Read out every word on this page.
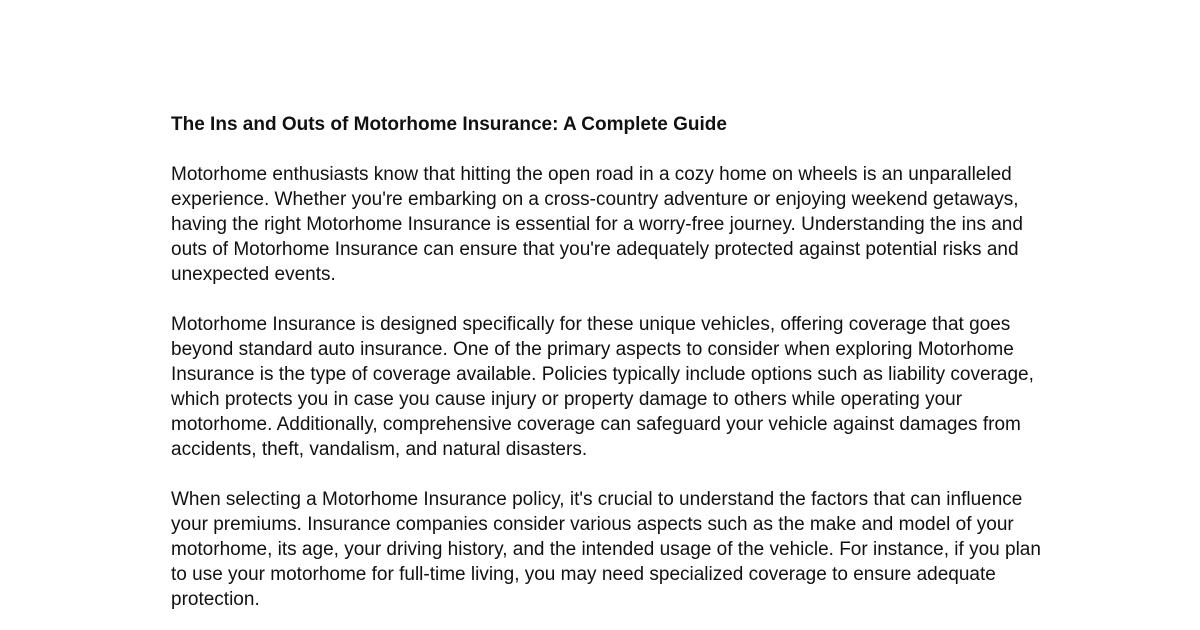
The Ins and Outs of Motorhome Insurance: A Complete Guide

Motorhome enthusiasts know that hitting the open road in a cozy home on wheels is an unparalleled
experience. Whether you're embarking on a cross-country adventure or enjoying weekend getaways,
having the right Motorhome Insurance is essential for a worry-free journey. Understanding the ins and
outs of Motorhome Insurance can ensure that you're adequately protected against potential risks and
unexpected events.

Motorhome Insurance is designed specifically for these unique vehicles, offering coverage that goes
beyond standard auto insurance. One of the primary aspects to consider when exploring Motorhome
Insurance is the type of coverage available. Policies typically include options such as liability coverage,
which protects you in case you cause injury or property damage to others while operating your
motorhome. Additionally, comprehensive coverage can safeguard your vehicle against damages from
accidents, theft, vandalism, and natural disasters.

When selecting a Motorhome Insurance policy, it's crucial to understand the factors that can influence
your premiums. Insurance companies consider various aspects such as the make and model of your
motorhome, its age, your driving history, and the intended usage of the vehicle. For instance, if you plan
to use your motorhome for full-time living, you may need specialized coverage to ensure adequate
protection.
